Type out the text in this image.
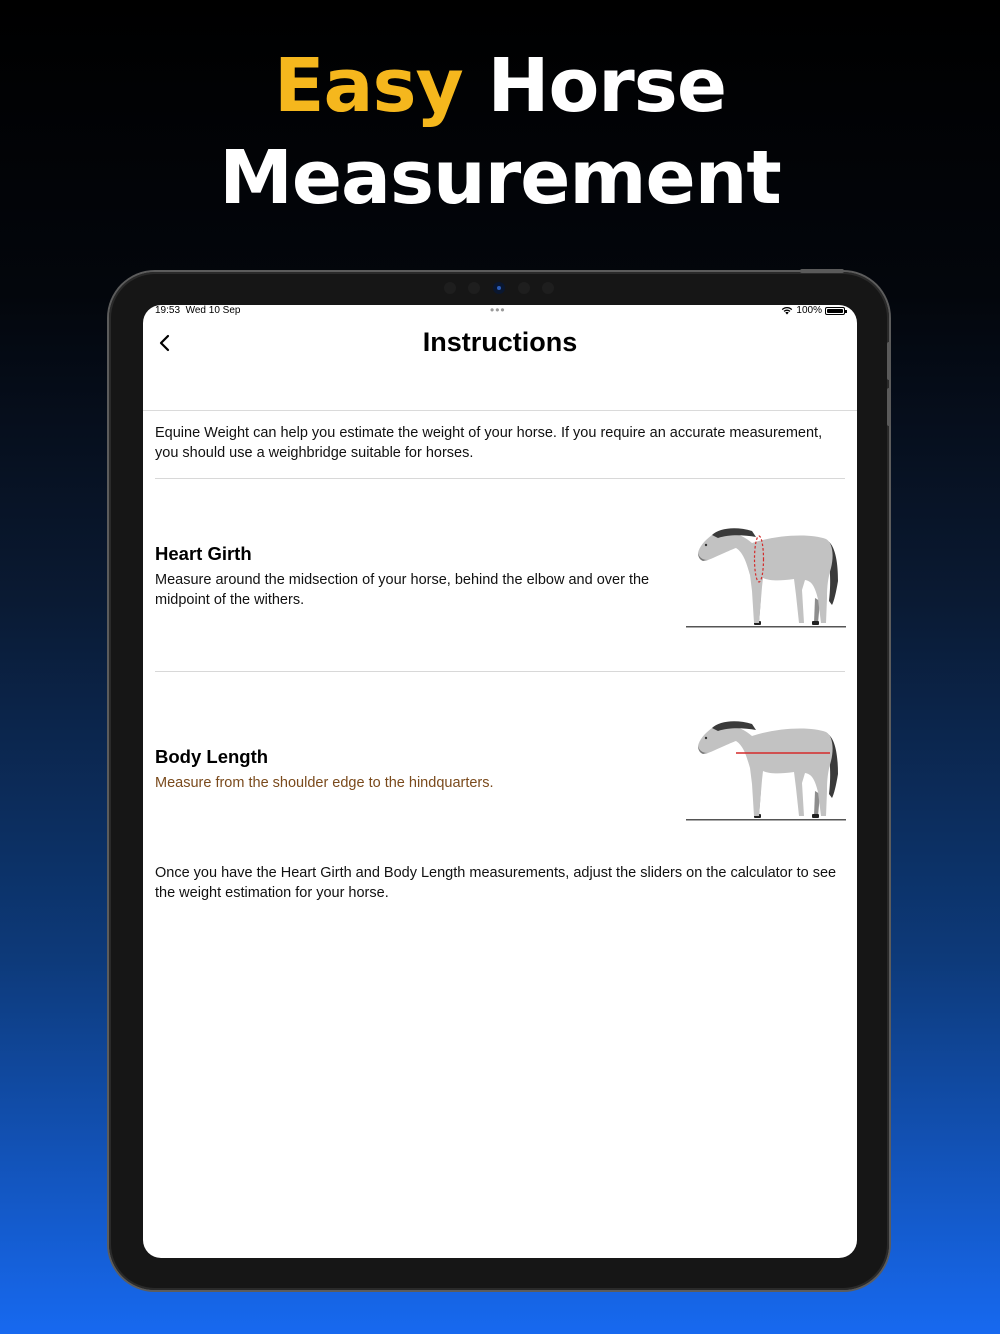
Easy Horse
Measurement
19:53 Wed 10 Sep	•••	100%
Instructions
Equine Weight can help you estimate the weight of your horse. If you require an accurate measurement, you should use a weighbridge suitable for horses.
Heart Girth
Measure around the midsection of your horse, behind the elbow and over the midpoint of the withers.
Body Length
Measure from the shoulder edge to the hindquarters.
Once you have the Heart Girth and Body Length measurements, adjust the sliders on the calculator to see the weight estimation for your horse.
